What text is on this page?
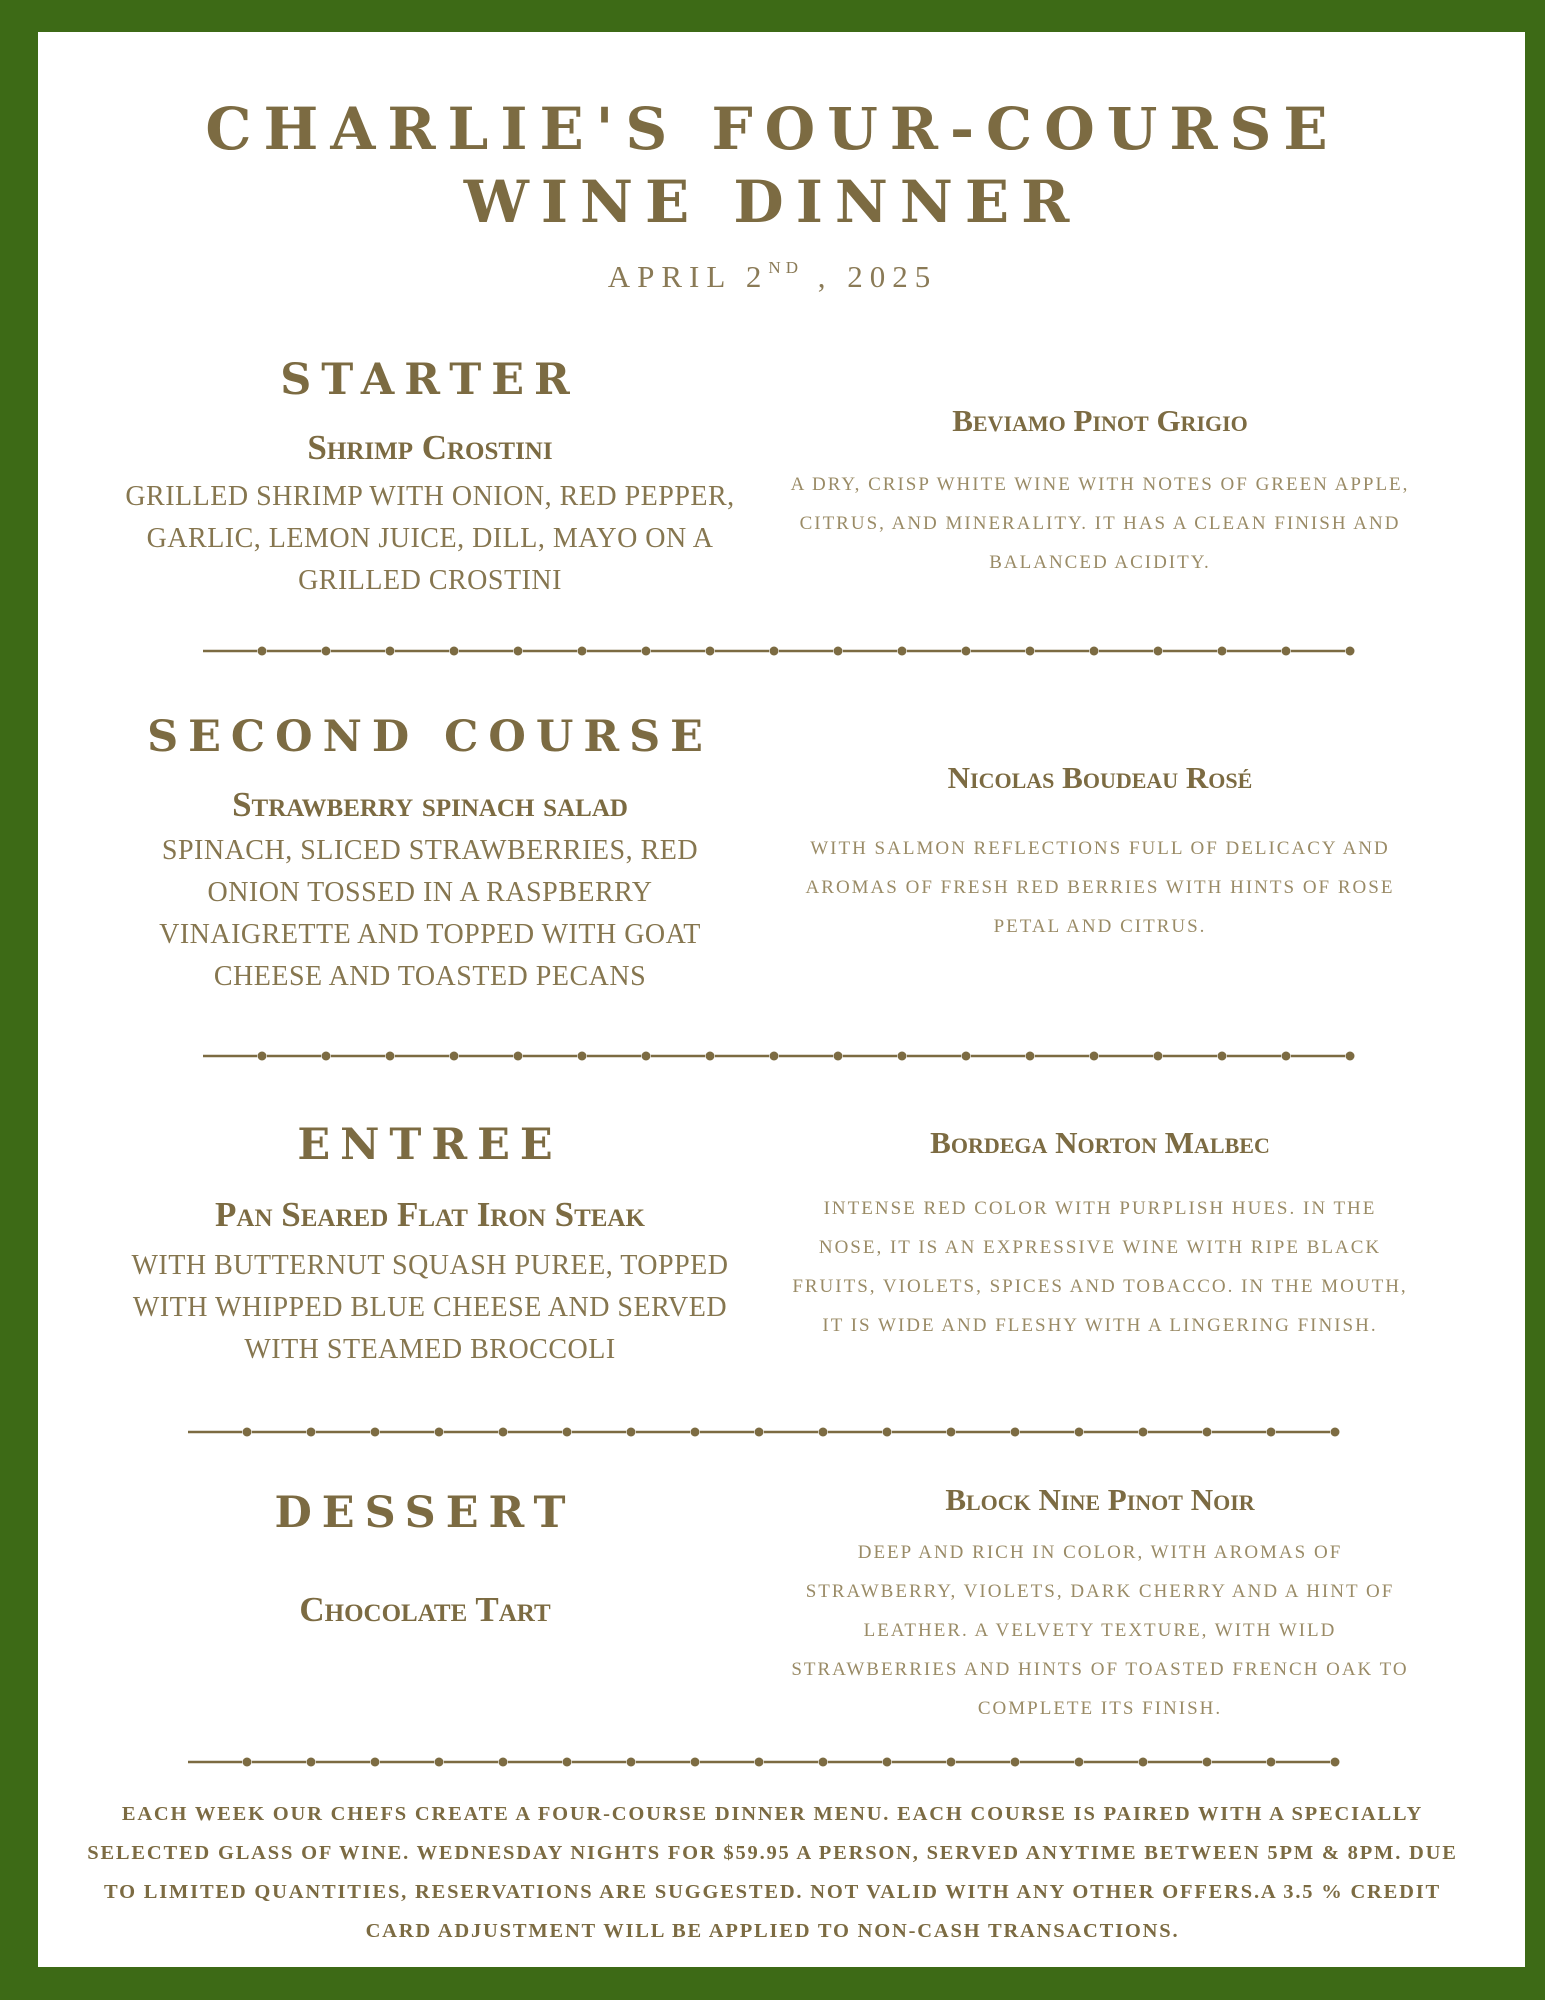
CHARLIE'S FOUR-COURSE
WINE DINNER
APRIL 2ND , 2025
STARTER
Shrimp Crostini
GRILLED SHRIMP WITH ONION, RED PEPPER, GARLIC, LEMON JUICE, DILL, MAYO ON A GRILLED CROSTINI
Beviamo Pinot Grigio
A DRY, CRISP WHITE WINE WITH NOTES OF GREEN APPLE, CITRUS, AND MINERALITY. IT HAS A CLEAN FINISH AND BALANCED ACIDITY.
SECOND COURSE
Strawberry spinach salad
SPINACH, SLICED STRAWBERRIES, RED ONION TOSSED IN A RASPBERRY VINAIGRETTE AND TOPPED WITH GOAT CHEESE AND TOASTED PECANS
Nicolas Boudeau Rosé
WITH SALMON REFLECTIONS FULL OF DELICACY AND AROMAS OF FRESH RED BERRIES WITH HINTS OF ROSE PETAL AND CITRUS.
ENTREE
Pan Seared Flat Iron Steak
WITH BUTTERNUT SQUASH PUREE, TOPPED WITH WHIPPED BLUE CHEESE AND SERVED WITH STEAMED BROCCOLI
Bordega Norton Malbec
INTENSE RED COLOR WITH PURPLISH HUES. IN THE NOSE, IT IS AN EXPRESSIVE WINE WITH RIPE BLACK FRUITS, VIOLETS, SPICES AND TOBACCO. IN THE MOUTH, IT IS WIDE AND FLESHY WITH A LINGERING FINISH.
DESSERT
Chocolate Tart
Block Nine Pinot Noir
DEEP AND RICH IN COLOR, WITH AROMAS OF STRAWBERRY, VIOLETS, DARK CHERRY AND A HINT OF LEATHER. A VELVETY TEXTURE, WITH WILD STRAWBERRIES AND HINTS OF TOASTED FRENCH OAK TO COMPLETE ITS FINISH.
EACH WEEK OUR CHEFS CREATE A FOUR-COURSE DINNER MENU. EACH COURSE IS PAIRED WITH A SPECIALLY SELECTED GLASS OF WINE. WEDNESDAY NIGHTS FOR $59.95 A PERSON, SERVED ANYTIME BETWEEN 5PM & 8PM. DUE TO LIMITED QUANTITIES, RESERVATIONS ARE SUGGESTED. NOT VALID WITH ANY OTHER OFFERS.A 3.5 % CREDIT CARD ADJUSTMENT WILL BE APPLIED TO NON-CASH TRANSACTIONS.
